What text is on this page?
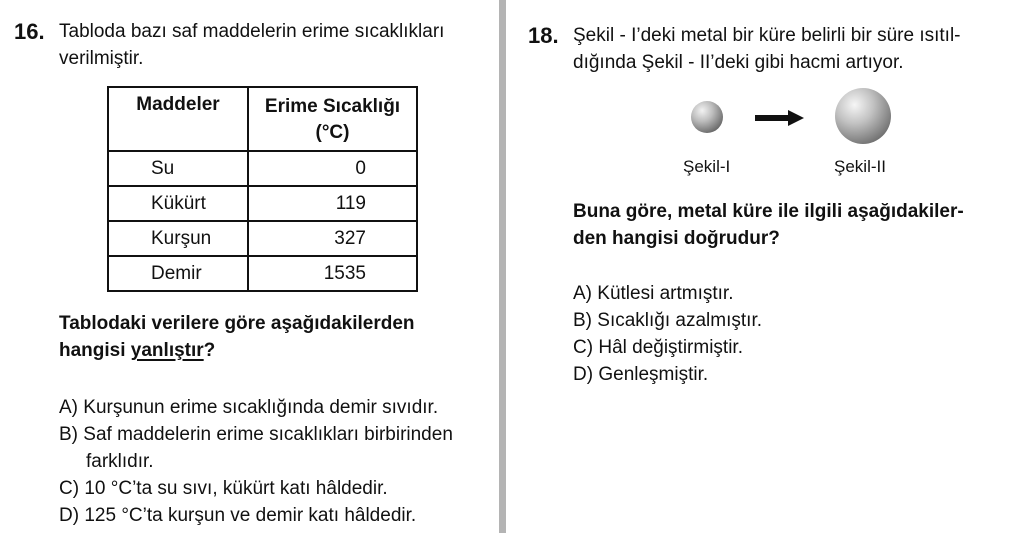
16. Tabloda bazı saf maddelerin erime sıcaklıkları
verilmiştir.
Maddeler	Erime Sıcaklığı
(°C)
Su	0
Kükürt	119
Kurşun	327
Demir	1535
Tablodaki verilere göre aşağıdakilerden
hangisi yanlıştır?
A) Kurşunun erime sıcaklığında demir sıvıdır.
B) Saf maddelerin erime sıcaklıkları birbirinden
farklıdır.
C) 10 °C’ta su sıvı, kükürt katı hâldedir.
D) 125 °C’ta kurşun ve demir katı hâldedir.
18. Şekil - I’deki metal bir küre belirli bir süre ısıtıl-
dığında Şekil - II’deki gibi hacmi artıyor.
Şekil-I	Şekil-II
Buna göre, metal küre ile ilgili aşağıdakiler-
den hangisi doğrudur?
A) Kütlesi artmıştır.
B) Sıcaklığı azalmıştır.
C) Hâl değiştirmiştir.
D) Genleşmiştir.
